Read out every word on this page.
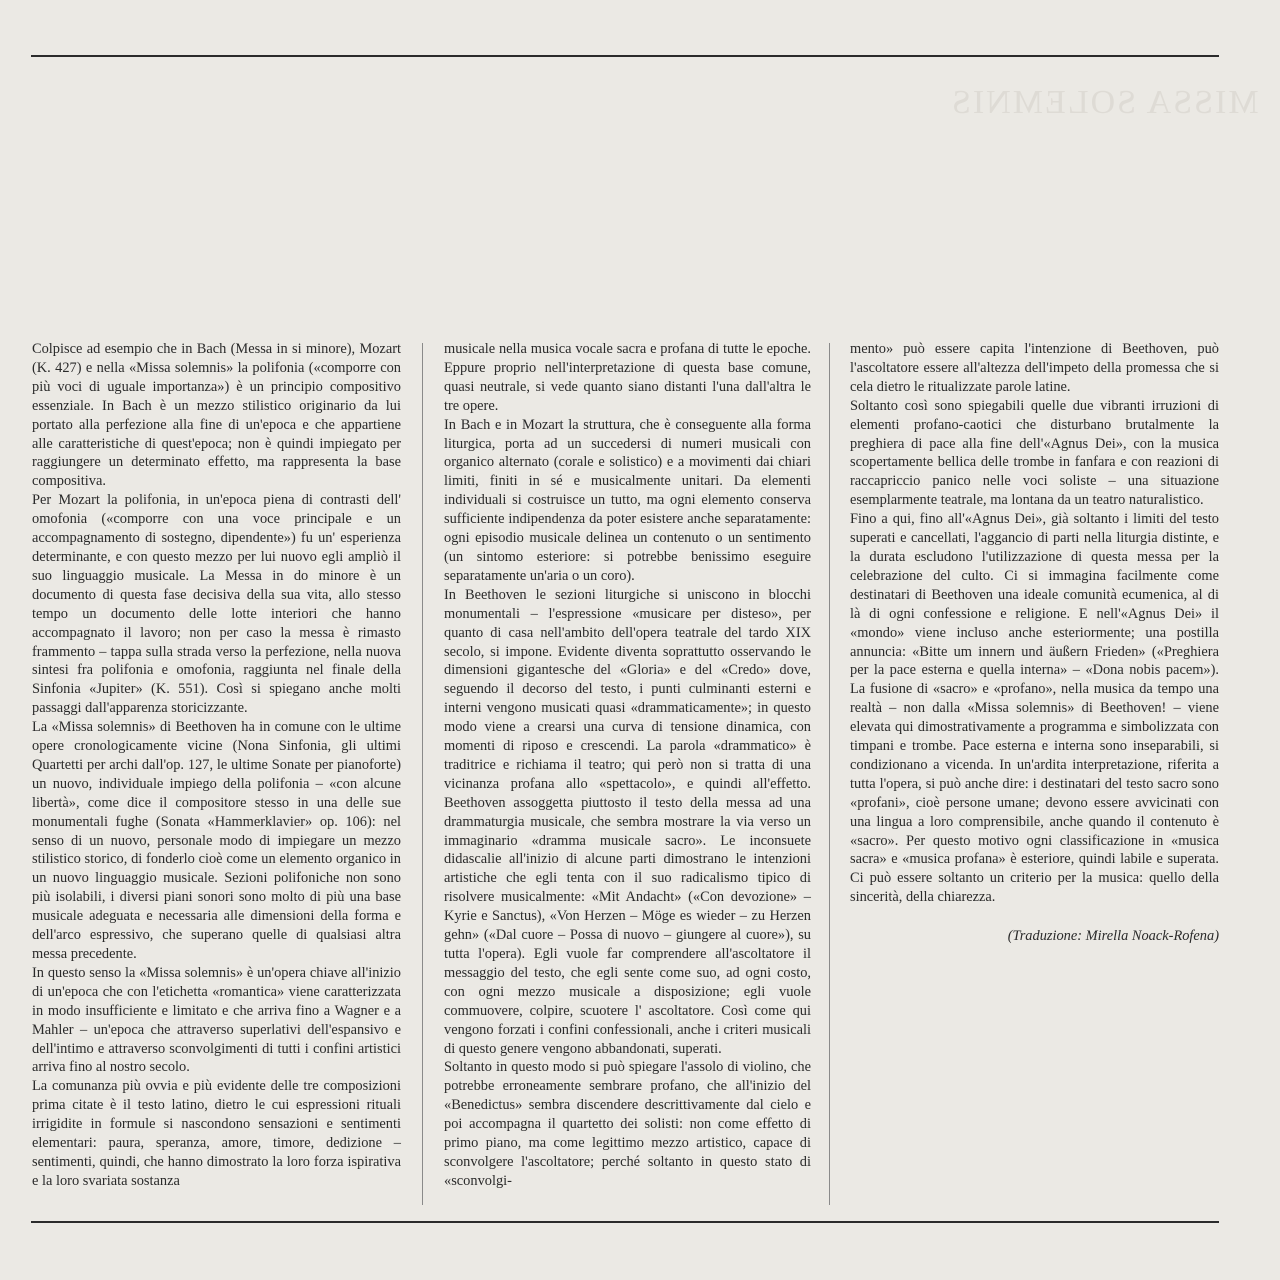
MISSA SOLEMNIS

Colpisce ad esempio che in Bach (Messa in si minore), Mozart (K. 427) e nella «Missa solemnis» la polifonia («comporre con più voci di uguale importanza») è un principio compositivo essenziale. In Bach è un mezzo stilistico originario da lui portato alla perfezione alla fine di un'epoca e che appartiene alle caratteristiche di quest'epoca; non è quindi impiegato per raggiungere un determinato effetto, ma rappresenta la base compositiva.

Per Mozart la polifonia, in un'epoca piena di contrasti dell' omofonia («comporre con una voce principale e un accompagnamento di sostegno, dipendente») fu un' esperienza determinante, e con questo mezzo per lui nuovo egli ampliò il suo linguaggio musicale. La Messa in do minore è un documento di questa fase decisiva della sua vita, allo stesso tempo un documento delle lotte interiori che hanno accompagnato il lavoro; non per caso la messa è rimasto frammento – tappa sulla strada verso la perfezione, nella nuova sintesi fra polifonia e omofonia, raggiunta nel finale della Sinfonia «Jupiter» (K. 551). Così si spiegano anche molti passaggi dall'apparenza storicizzante.

La «Missa solemnis» di Beethoven ha in comune con le ultime opere cronologicamente vicine (Nona Sinfonia, gli ultimi Quartetti per archi dall'op. 127, le ultime Sonate per pianoforte) un nuovo, individuale impiego della polifonia – «con alcune libertà», come dice il compositore stesso in una delle sue monumentali fughe (Sonata «Hammerklavier» op. 106): nel senso di un nuovo, personale modo di impiegare un mezzo stilistico storico, di fonderlo cioè come un elemento organico in un nuovo linguaggio musicale. Sezioni polifoniche non sono più isolabili, i diversi piani sonori sono molto di più una base musicale adeguata e necessaria alle dimensioni della forma e dell'arco espressivo, che superano quelle di qualsiasi altra messa precedente.

In questo senso la «Missa solemnis» è un'opera chiave all'inizio di un'epoca che con l'etichetta «romantica» viene caratterizzata in modo insufficiente e limitato e che arriva fino a Wagner e a Mahler – un'epoca che attraverso superlativi dell'espansivo e dell'intimo e attraverso sconvolgimenti di tutti i confini artistici arriva fino al nostro secolo.

La comunanza più ovvia e più evidente delle tre composizioni prima citate è il testo latino, dietro le cui espressioni rituali irrigidite in formule si nascondono sensazioni e sentimenti elementari: paura, speranza, amore, timore, dedizione – sentimenti, quindi, che hanno dimostrato la loro forza ispirativa e la loro svariata sostanza

musicale nella musica vocale sacra e profana di tutte le epoche. Eppure proprio nell'interpretazione di questa base comune, quasi neutrale, si vede quanto siano distanti l'una dall'altra le tre opere.

In Bach e in Mozart la struttura, che è conseguente alla forma liturgica, porta ad un succedersi di numeri musicali con organico alternato (corale e solistico) e a movimenti dai chiari limiti, finiti in sé e musicalmente unitari. Da elementi individuali si costruisce un tutto, ma ogni elemento conserva sufficiente indipendenza da poter esistere anche separatamente: ogni episodio musicale delinea un contenuto o un sentimento (un sintomo esteriore: si potrebbe benissimo eseguire separatamente un'aria o un coro).

In Beethoven le sezioni liturgiche si uniscono in blocchi monumentali – l'espressione «musicare per disteso», per quanto di casa nell'ambito dell'opera teatrale del tardo XIX secolo, si impone. Evidente diventa soprattutto osservando le dimensioni gigantesche del «Gloria» e del «Credo» dove, seguendo il decorso del testo, i punti culminanti esterni e interni vengono musicati quasi «drammaticamente»; in questo modo viene a crearsi una curva di tensione dinamica, con momenti di riposo e crescendi. La parola «drammatico» è traditrice e richiama il teatro; qui però non si tratta di una vicinanza profana allo «spettacolo», e quindi all'effetto. Beethoven assoggetta piuttosto il testo della messa ad una drammaturgia musicale, che sembra mostrare la via verso un immaginario «dramma musicale sacro». Le inconsuete didascalie all'inizio di alcune parti dimostrano le intenzioni artistiche che egli tenta con il suo radicalismo tipico di risolvere musicalmente: «Mit Andacht» («Con devozione» – Kyrie e Sanctus), «Von Herzen – Möge es wieder – zu Herzen gehn» («Dal cuore – Possa di nuovo – giungere al cuore»), su tutta l'opera). Egli vuole far comprendere all'ascoltatore il messaggio del testo, che egli sente come suo, ad ogni costo, con ogni mezzo musicale a disposizione; egli vuole commuovere, colpire, scuotere l' ascoltatore. Così come qui vengono forzati i confini confessionali, anche i criteri musicali di questo genere vengono abbandonati, superati.

Soltanto in questo modo si può spiegare l'assolo di violino, che potrebbe erroneamente sembrare profano, che all'inizio del «Benedictus» sembra discendere descrittivamente dal cielo e poi accompagna il quartetto dei solisti: non come effetto di primo piano, ma come legittimo mezzo artistico, capace di sconvolgere l'ascoltatore; perché soltanto in questo stato di «sconvolgi-

mento» può essere capita l'intenzione di Beethoven, può l'ascoltatore essere all'altezza dell'impeto della promessa che si cela dietro le ritualizzate parole latine.

Soltanto così sono spiegabili quelle due vibranti irruzioni di elementi profano-caotici che disturbano brutalmente la preghiera di pace alla fine dell'«Agnus Dei», con la musica scopertamente bellica delle trombe in fanfara e con reazioni di raccapriccio panico nelle voci soliste – una situazione esemplarmente teatrale, ma lontana da un teatro naturalistico.

Fino a qui, fino all'«Agnus Dei», già soltanto i limiti del testo superati e cancellati, l'aggancio di parti nella liturgia distinte, e la durata escludono l'utilizzazione di questa messa per la celebrazione del culto. Ci si immagina facilmente come destinatari di Beethoven una ideale comunità ecumenica, al di là di ogni confessione e religione. E nell'«Agnus Dei» il «mondo» viene incluso anche esteriormente; una postilla annuncia: «Bitte um innern und äußern Frieden» («Preghiera per la pace esterna e quella interna» – «Dona nobis pacem»). La fusione di «sacro» e «profano», nella musica da tempo una realtà – non dalla «Missa solemnis» di Beethoven! – viene elevata qui dimostrativamente a programma e simbolizzata con timpani e trombe. Pace esterna e interna sono inseparabili, si condizionano a vicenda. In un'ardita interpretazione, riferita a tutta l'opera, si può anche dire: i destinatari del testo sacro sono «profani», cioè persone umane; devono essere avvicinati con una lingua a loro comprensibile, anche quando il contenuto è «sacro». Per questo motivo ogni classificazione in «musica sacra» e «musica profana» è esteriore, quindi labile e superata. Ci può essere soltanto un criterio per la musica: quello della sincerità, della chiarezza.

(Traduzione: Mirella Noack-Rofena)
